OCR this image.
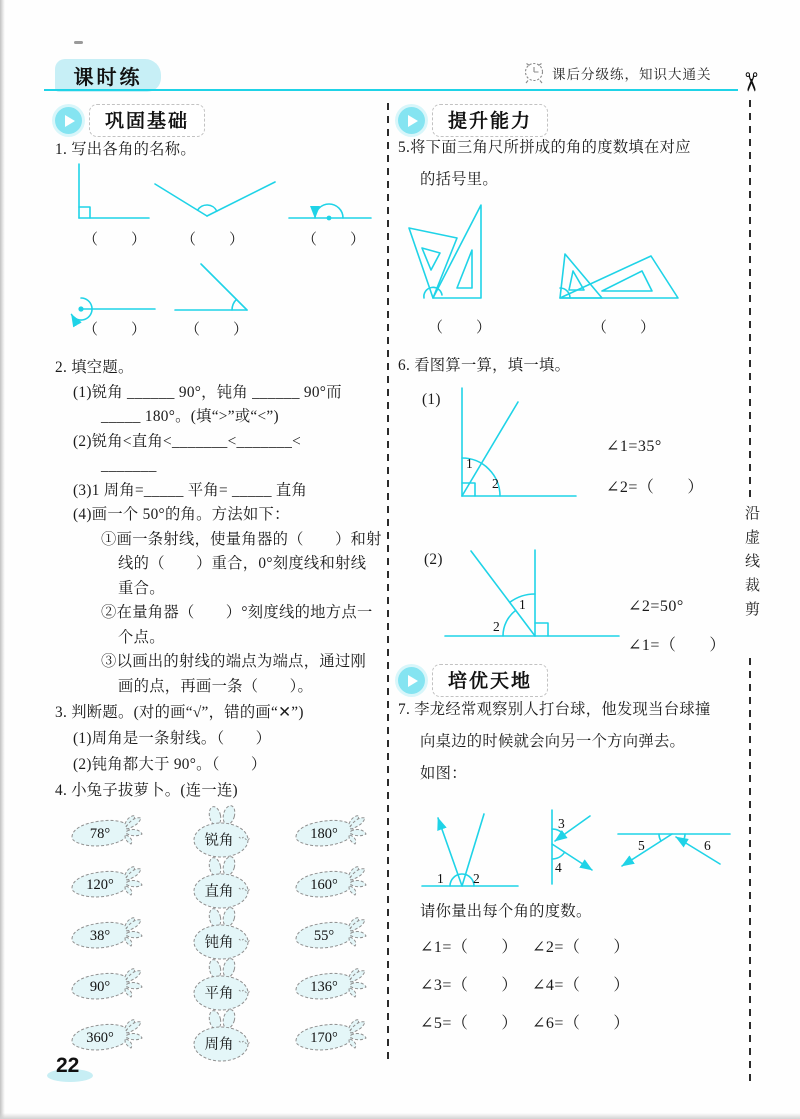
课时练	课后分级练，知识大通关 ✂
沿虚线裁剪
巩固基础
1. 写出各角的名称。
（　　） （　　）	（　　）
（　　）	（　　）
2. 填空题。
(1)锐角 ______ 90°，钝角 ______ 90°而
_____ 180°。(填“>”或“<”)
(2)锐角<直角<_______<_______<
_______
(3)1 周角=_____ 平角= _____ 直角
(4)画一个 50°的角。方法如下：
①画一条射线，使量角器的（　　）和射
线的（　　）重合，0°刻度线和射线
重合。
②在量角器（　　）°刻度线的地方点一
个点。
③以画出的射线的端点为端点，通过刚
画的点，再画一条（　　）。
3. 判断题。(对的画“√”，错的画“✕”)
(1)周角是一条射线。（　　）
(2)钝角都大于 90°。（　　）
4. 小兔子拔萝卜。(连一连)
78°	锐角	180°
120°	直角	160°
38°	钝角	55°
90°	平角	136°
360°	周角	170°
提升能力
5.将下面三角尺所拼成的角的度数填在对应
的括号里。
（　　）	（　　）
6. 看图算一算，填一填。
(1)
1
2
∠1=35°
∠2=（　　）
(2)
1
2
∠2=50°
∠1=（　　）
培优天地
7. 李龙经常观察别人打台球，他发现当台球撞
向桌边的时候就会向另一个方向弹去。
如图：
1 2
3
4
5	6
请你量出每个角的度数。
∠1=（　　） ∠2=（　　）
∠3=（　　） ∠4=（　　）
∠5=（　　） ∠6=（　　）
22
